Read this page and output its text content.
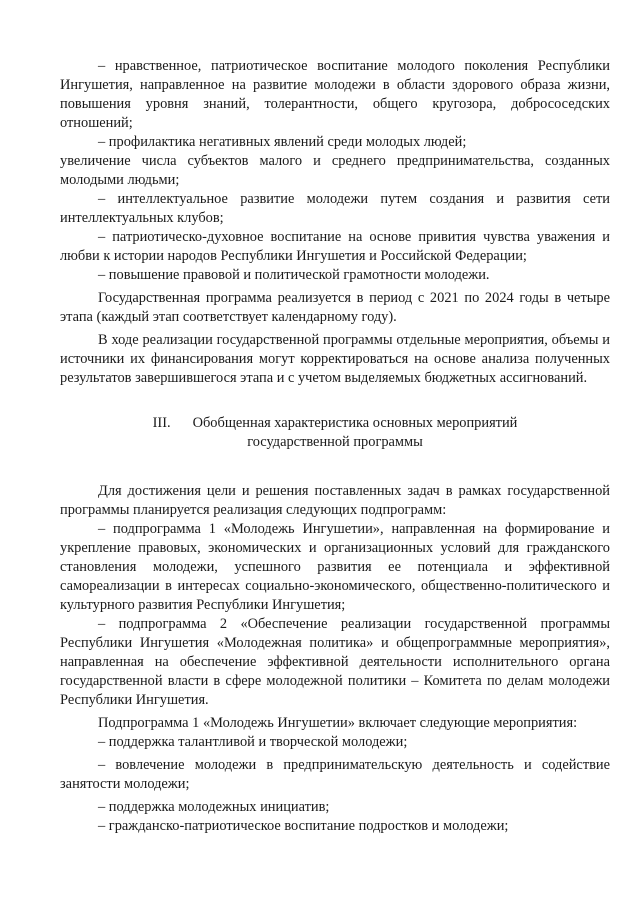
– нравственное, патриотическое воспитание молодого поколения Республики Ингушетия, направленное на развитие молодежи в области здорового образа жизни, повышения уровня знаний, толерантности, общего кругозора, добрососедских отношений;

– профилактика негативных явлений среди молодых людей;

увеличение числа субъектов малого и среднего предпринимательства, созданных молодыми людьми;

– интеллектуальное развитие молодежи путем создания и развития сети интеллектуальных клубов;

– патриотическо-духовное воспитание на основе привития чувства уважения и любви к истории народов Республики Ингушетия и Российской Федерации;

– повышение правовой и политической грамотности молодежи.

Государственная программа реализуется в период с 2021 по 2024 годы в четыре этапа (каждый этап соответствует календарному году).

В ходе реализации государственной программы отдельные мероприятия, объемы и источники их финансирования могут корректироваться на основе анализа полученных результатов завершившегося этапа и с учетом выделяемых бюджетных ассигнований.

III. Обобщенная характеристика основных мероприятий
государственной программы

Для достижения цели и решения поставленных задач в рамках государственной программы планируется реализация следующих подпрограмм:

– подпрограмма 1 «Молодежь Ингушетии», направленная на формирование и укрепление правовых, экономических и организационных условий для гражданского становления молодежи, успешного развития ее потенциала и эффективной самореализации в интересах социально-экономического, общественно-политического и культурного развития Республики Ингушетия;

– подпрограмма 2 «Обеспечение реализации государственной программы Республики Ингушетия «Молодежная политика» и общепрограммные мероприятия», направленная на обеспечение эффективной деятельности исполнительного органа государственной власти в сфере молодежной политики – Комитета по делам молодежи Республики Ингушетия.

Подпрограмма 1 «Молодежь Ингушетии» включает следующие мероприятия:

– поддержка талантливой и творческой молодежи;

– вовлечение молодежи в предпринимательскую деятельность и содействие занятости молодежи;

– поддержка молодежных инициатив;

– гражданско-патриотическое воспитание подростков и молодежи;
